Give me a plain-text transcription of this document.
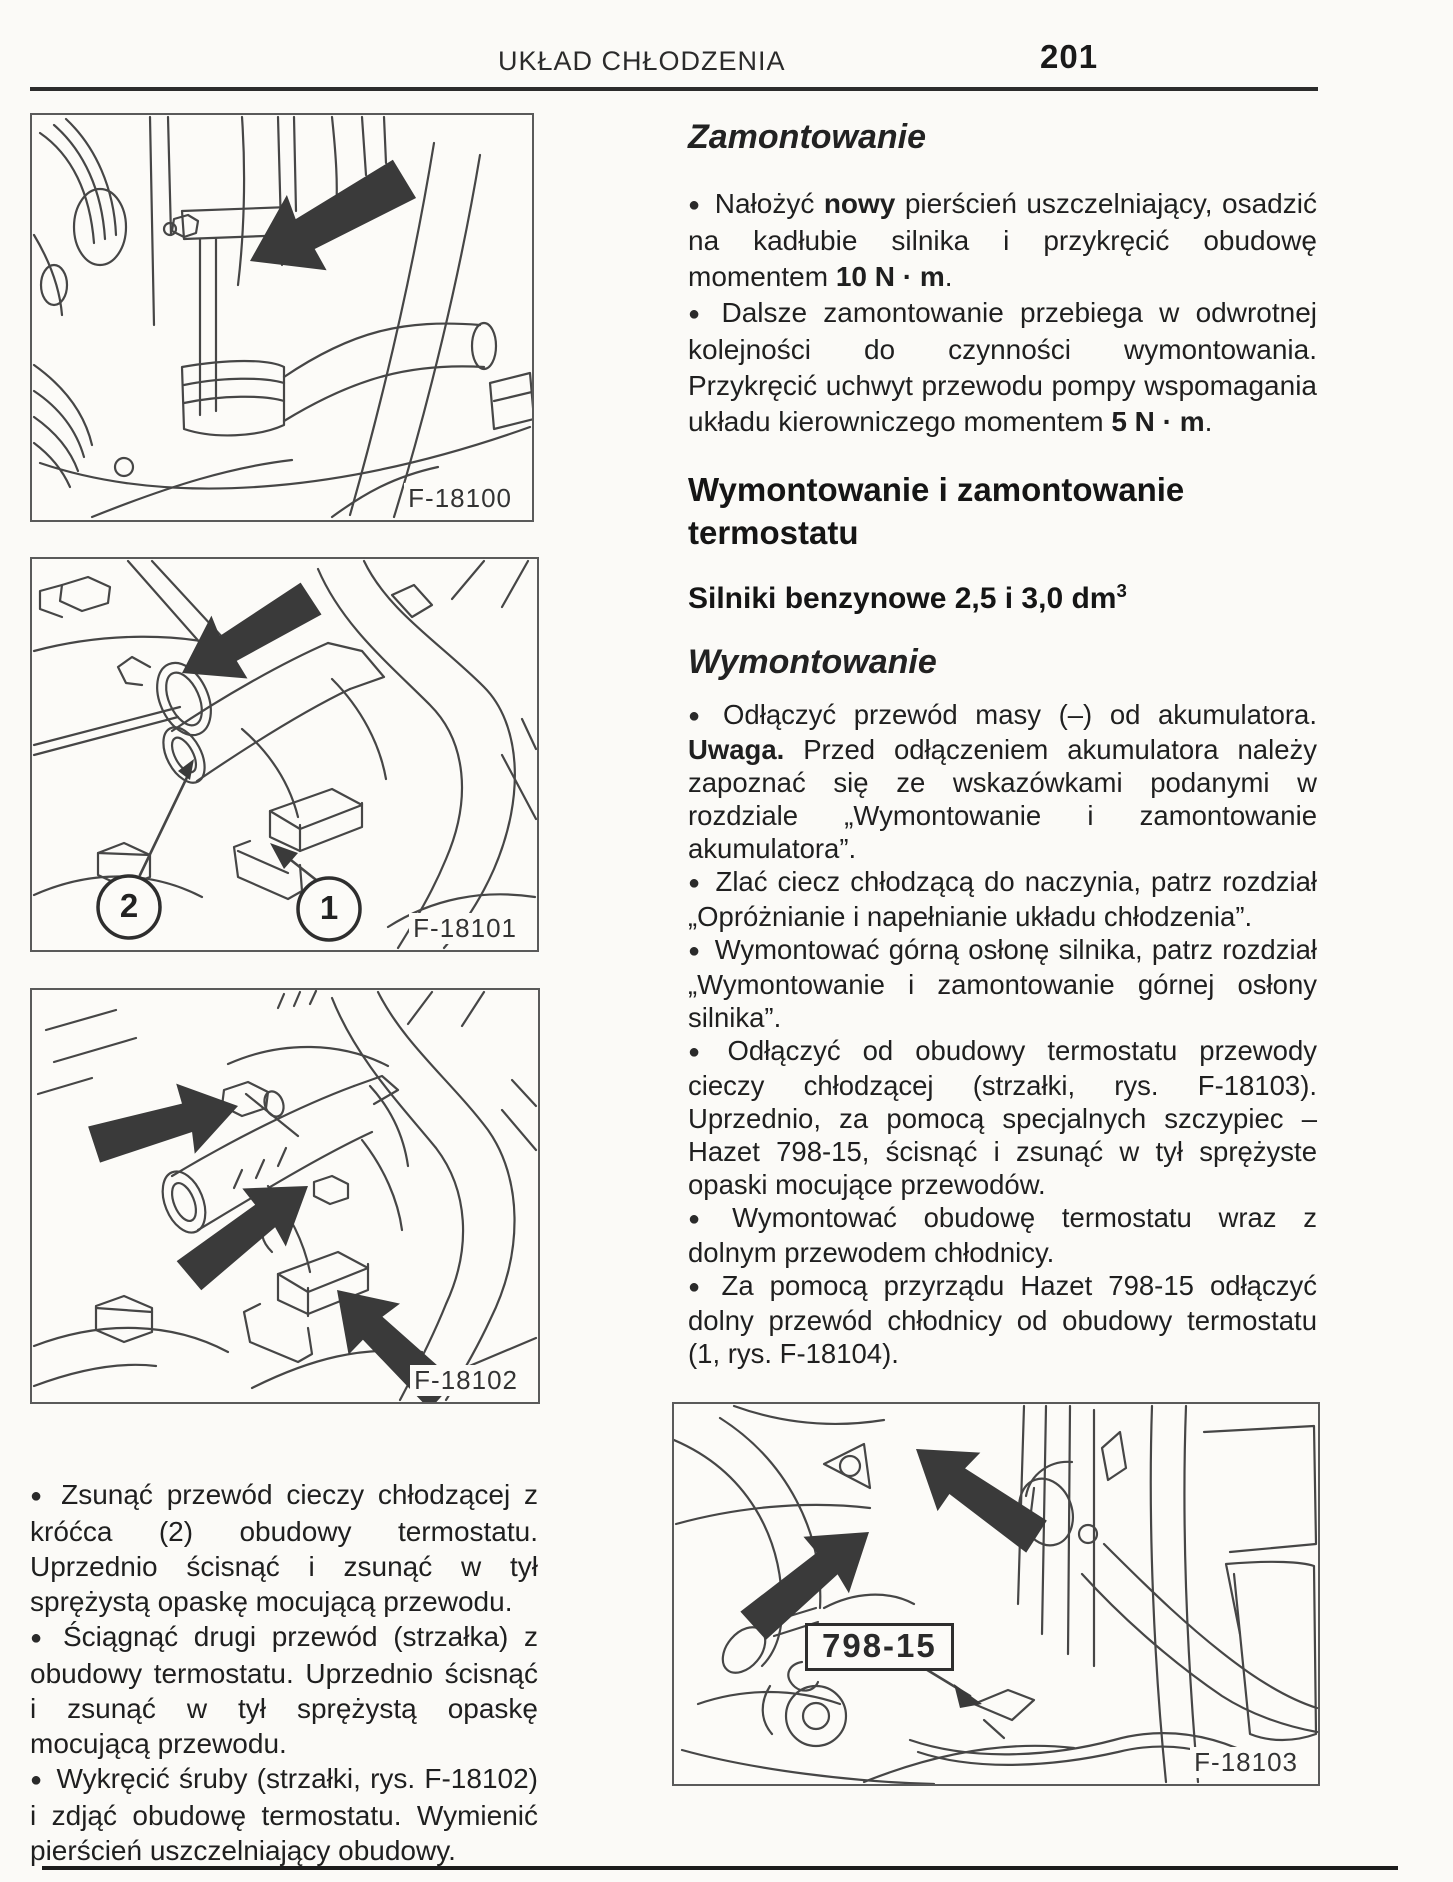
UKŁAD CHŁODZENIA	201
F-18100
2	1
F-18101
F-18102

● Zsunąć przewód cieczy chłodzącej z króćca (2) obudowy termostatu. Uprzednio ścisnąć i zsunąć w tył sprężystą opaskę mocującą przewodu.

● Ściągnąć drugi przewód (strzałka) z obudowy termostatu. Uprzednio ścisnąć i zsunąć w tył sprężystą opaskę mocującą przewodu.

● Wykręcić śruby (strzałki, rys. F-18102) i zdjąć obudowę termostatu. Wymienić pierścień uszczelniający obudowy.

Zamontowanie

● Nałożyć nowy pierścień uszczelniający, osadzić na kadłubie silnika i przykręcić obudowę momentem 10 N · m.

● Dalsze zamontowanie przebiega w odwrotnej kolejności do czynności wymontowania. Przykręcić uchwyt przewodu pompy wspomagania układu kierowniczego momentem 5 N · m.

Wymontowanie i zamontowanie termostatu
Silniki benzynowe 2,5 i 3,0 $dm^3$
Wymontowanie

● Odłączyć przewód masy (–) od akumulatora. Uwaga. Przed odłączeniem akumulatora należy zapoznać się ze wskazówkami podanymi w rozdziale „Wymontowanie i zamontowanie akumulatora”.

● Zlać ciecz chłodzącą do naczynia, patrz rozdział „Opróżnianie i napełnianie układu chłodzenia”.

● Wymontować górną osłonę silnika, patrz rozdział „Wymontowanie i zamontowanie górnej osłony silnika”.

● Odłączyć od obudowy termostatu przewody cieczy chłodzącej (strzałki, rys. F-18103). Uprzednio, za pomocą specjalnych szczypiec – Hazet 798-15, ścisnąć i zsunąć w tył sprężyste opaski mocujące przewodów.

● Wymontować obudowę termostatu wraz z dolnym przewodem chłodnicy.

● Za pomocą przyrządu Hazet 798-15 odłączyć dolny przewód chłodnicy od obudowy termostatu (1, rys. F-18104).

798-15
F-18103
